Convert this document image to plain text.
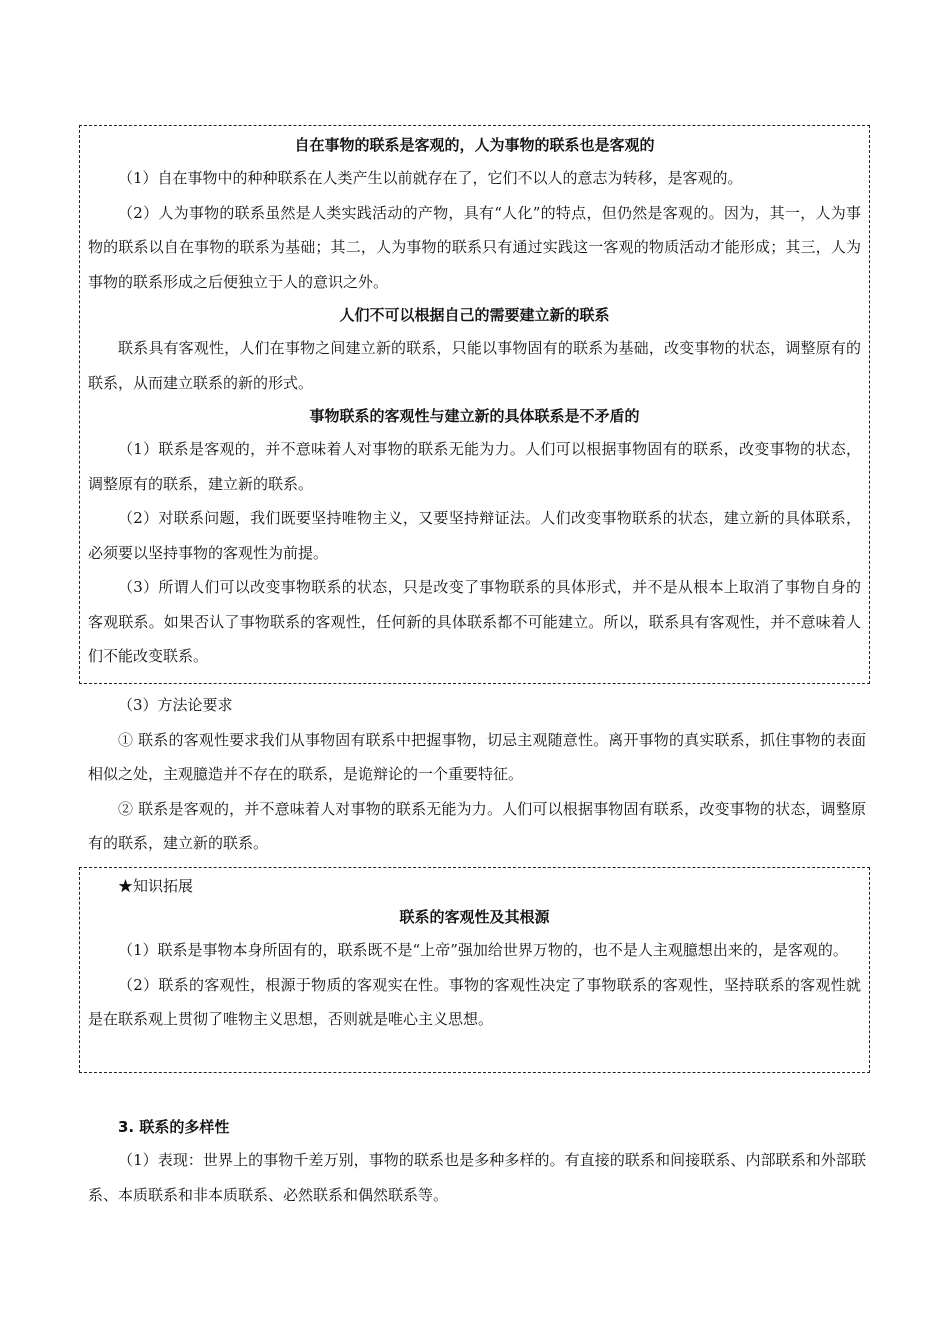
自在事物的联系是客观的，人为事物的联系也是客观的

（1）自在事物中的种种联系在人类产生以前就存在了，它们不以人的意志为转移，是客观的。

（2）人为事物的联系虽然是人类实践活动的产物，具有“人化”的特点，但仍然是客观的。因为，其一，人为事物的联系以自在事物的联系为基础；其二，人为事物的联系只有通过实践这一客观的物质活动才能形成；其三，人为事物的联系形成之后便独立于人的意识之外。

人们不可以根据自己的需要建立新的联系

联系具有客观性，人们在事物之间建立新的联系，只能以事物固有的联系为基础，改变事物的状态，调整原有的联系，从而建立联系的新的形式。

事物联系的客观性与建立新的具体联系是不矛盾的

（1）联系是客观的，并不意味着人对事物的联系无能为力。人们可以根据事物固有的联系，改变事物的状态，调整原有的联系，建立新的联系。

（2）对联系问题，我们既要坚持唯物主义，又要坚持辩证法。人们改变事物联系的状态，建立新的具体联系，必须要以坚持事物的客观性为前提。

（3）所谓人们可以改变事物联系的状态，只是改变了事物联系的具体形式，并不是从根本上取消了事物自身的客观联系。如果否认了事物联系的客观性，任何新的具体联系都不可能建立。所以，联系具有客观性，并不意味着人们不能改变联系。

（3）方法论要求

① 联系的客观性要求我们从事物固有联系中把握事物，切忌主观随意性。离开事物的真实联系，抓住事物的表面相似之处，主观臆造并不存在的联系，是诡辩论的一个重要特征。

② 联系是客观的，并不意味着人对事物的联系无能为力。人们可以根据事物固有联系，改变事物的状态，调整原有的联系，建立新的联系。

★知识拓展

联系的客观性及其根源

（1）联系是事物本身所固有的，联系既不是“上帝”强加给世界万物的，也不是人主观臆想出来的，是客观的。

（2）联系的客观性，根源于物质的客观实在性。事物的客观性决定了事物联系的客观性，坚持联系的客观性就是在联系观上贯彻了唯物主义思想，否则就是唯心主义思想。

3. 联系的多样性

（1）表现：世界上的事物千差万别，事物的联系也是多种多样的。有直接的联系和间接联系、内部联系和外部联系、本质联系和非本质联系、必然联系和偶然联系等。
